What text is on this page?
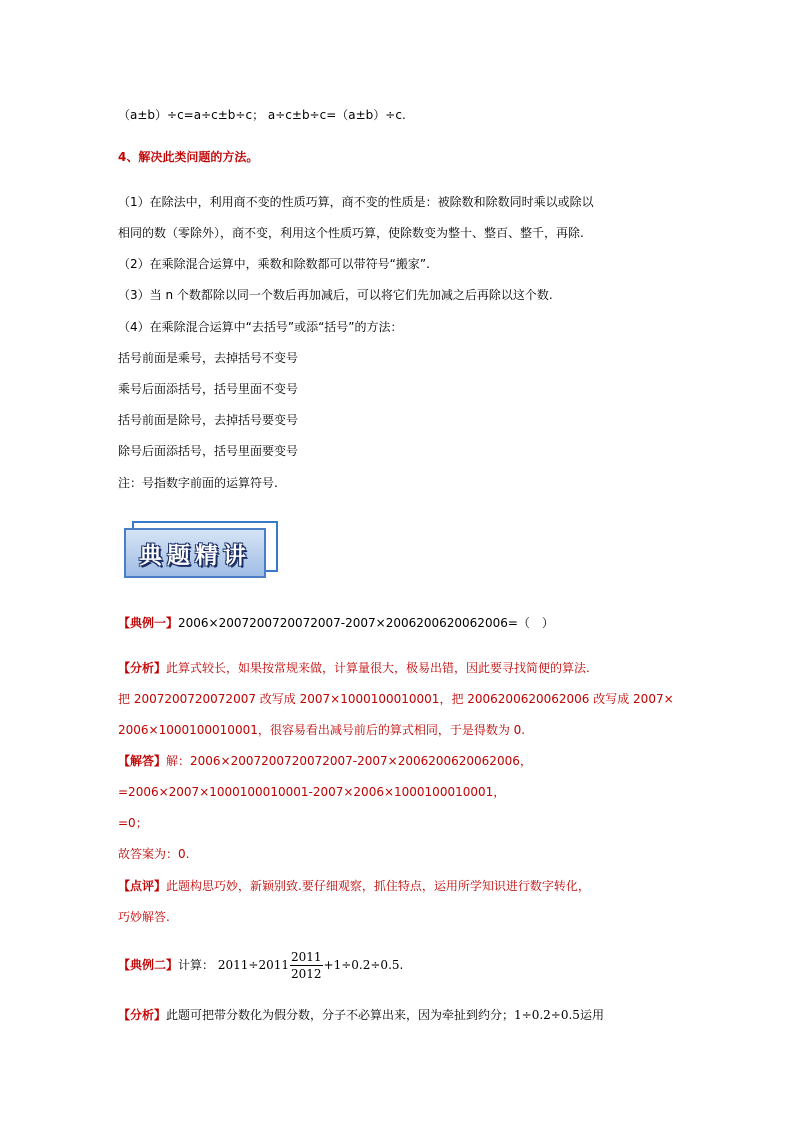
（a±b）÷c=a÷c±b÷c； a÷c±b÷c=（a±b）÷c.
4、解决此类问题的方法。
（1）在除法中，利用商不变的性质巧算，商不变的性质是：被除数和除数同时乘以或除以
相同的数（零除外），商不变，利用这个性质巧算，使除数变为整十、整百、整千，再除.
（2）在乘除混合运算中，乘数和除数都可以带符号“搬家”.
（3）当 n 个数都除以同一个数后再加减后，可以将它们先加减之后再除以这个数.
（4）在乘除混合运算中“去括号”或添“括号”的方法：
括号前面是乘号，去掉括号不变号
乘号后面添括号，括号里面不变号
括号前面是除号，去掉括号要变号
除号后面添括号，括号里面要变号
注：号指数字前面的运算符号.
典题精讲
【典例一】2006×2007200720072007-2007×2006200620062006=（　）
【分析】此算式较长，如果按常规来做，计算量很大，极易出错，因此要寻找简便的算法.
把 2007200720072007 改写成 2007×1000100010001，把 2006200620062006 改写成 2007×
2006×1000100010001，很容易看出减号前后的算式相同，于是得数为 0.
【解答】解：2006×2007200720072007-2007×2006200620062006，
=2006×2007×1000100010001-2007×2006×1000100010001，
=0；
故答案为：0.
【点评】此题构思巧妙，新颖别致.要仔细观察，抓住特点，运用所学知识进行数字转化，
巧妙解答.
【典例二】计算： $2011\div 2011 \frac{2011}{2012} +1\div 0.2\div 0.5$.
【分析】此题可把带分数化为假分数，分子不必算出来，因为牵扯到约分；1÷0.2÷0.5运用
